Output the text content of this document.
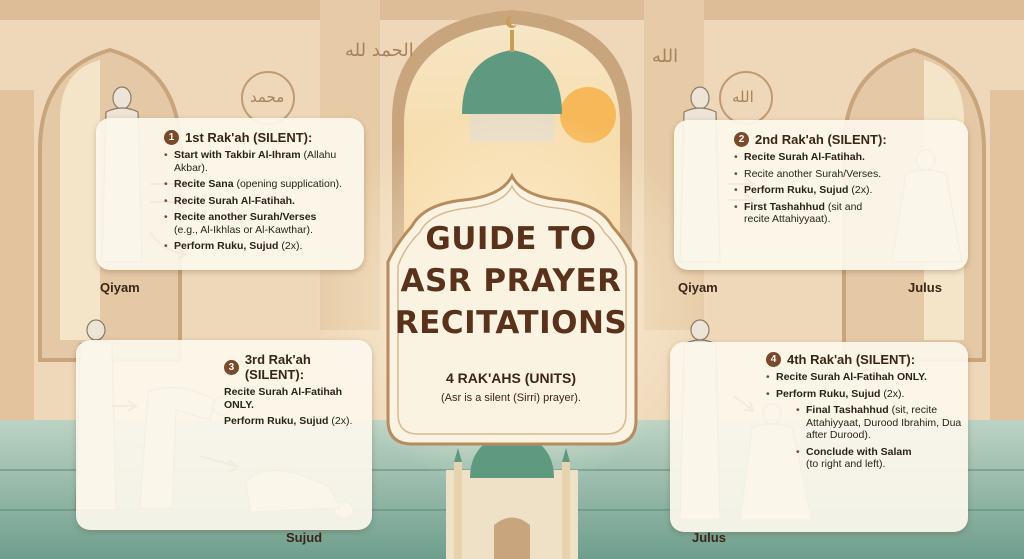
الحمد لله
محمد
الله
الله
GUIDE TO
ASR PRAYER
RECITATIONS
4 RAK'AHS (UNITS)
(Asr is a silent (Sirri) prayer).
1 1st Rak'ah (SILENT):
• Start with Takbir Al-Ihram (Allahu Akbar).
• Recite Sana (opening supplication).
• Recite Surah Al-Fatihah.
• Recite another Surah/Verses
(e.g., Al-Ikhlas or Al-Kawthar).
• Perform Ruku, Sujud (2x).
2 2nd Rak'ah (SILENT):
• Recite Surah Al-Fatihah.
• Recite another Surah/Verses.
• Perform Ruku, Sujud (2x).
• First Tashahhud (sit and recite Attahiyyaat).
3 3rd Rak'ah (SILENT):
Recite Surah Al-Fatihah ONLY.
Perform Ruku, Sujud (2x).
4 4th Rak'ah (SILENT):
• Recite Surah Al-Fatihah ONLY.
• Perform Ruku, Sujud (2x).
• Final Tashahhud (sit, recite Attahiyyaat, Durood Ibrahim, Dua after Durood).
• Conclude with Salam
(to right and left).
Qiyam	Qiyam	Julus
Sujud	Julus
